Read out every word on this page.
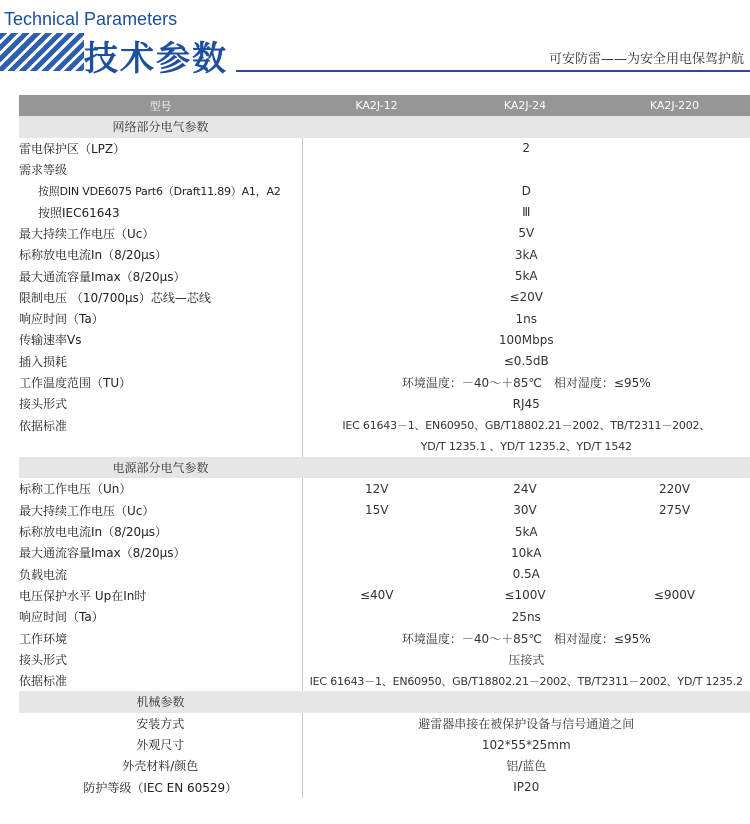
Technical Parameters
技术参数	可安防雷——为安全用电保驾护航
型号	KA2J-12	KA2J-24	KA2J-220
网络部分电气参数			
雷电保护区（LPZ）	2		
需求等级			
按照DIN VDE6075 Part6（Draft11.89）A1，A2	D		
按照IEC61643	Ⅲ		
最大持续工作电压（Uc）	5V		
标称放电电流In（8/20μs）	3kA		
最大通流容量Imax（8/20μs）	5kA		
限制电压 （10/700μs）芯线—芯线	≤20V		
响应时间（Ta）	1ns		
传输速率Vs	100Mbps		
插入损耗	≤0.5dB		
工作温度范围（TU）	环境温度：－40～＋85℃　相对湿度：≤95%		
接头形式	RJ45		
依据标准	IEC 61643－1、EN60950、GB/T18802.21－2002、TB/T2311－2002、		
	YD/T 1235.1 、YD/T 1235.2、YD/T 1542		
电源部分电气参数			
标称工作电压（Un）	12V	24V	220V
最大持续工作电压（Uc）	15V	30V	275V
标称放电电流In（8/20μs）	5kA		
最大通流容量Imax（8/20μs）	10kA		
负载电流	0.5A		
电压保护水平 Up在In时	≤40V	≤100V	≤900V
响应时间（Ta）	25ns		
工作环境	环境温度：－40～＋85℃　相对湿度：≤95%		
接头形式	压接式		
依据标准	IEC 61643－1、EN60950、GB/T18802.21－2002、TB/T2311－2002、YD/T 1235.2		
机械参数			
安装方式	避雷器串接在被保护设备与信号通道之间		
外观尺寸	102*55*25mm		
外壳材料/颜色	铝/蓝色		
防护等级（IEC EN 60529）	IP20		
